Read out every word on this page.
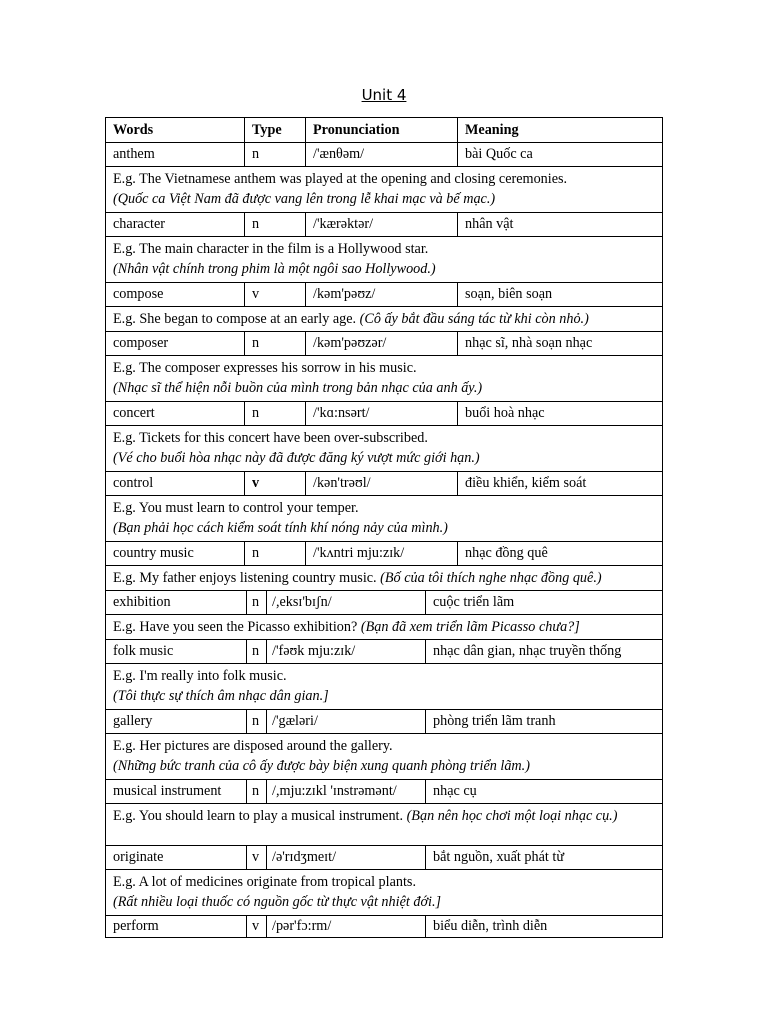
Unit 4
Words	Type	Pronunciation	Meaning
anthem	n	/'ænθəm/	bài Quốc ca
E.g. The Vietnamese anthem was played at the opening and closing ceremonies.
(Quốc ca Việt Nam đã được vang lên trong lễ khai mạc và bế mạc.)
character	n	/'kærəktər/	nhân vật
E.g. The main character in the film is a Hollywood star.
(Nhân vật chính trong phim là một ngôi sao Hollywood.)
compose	v	/kəm'pəʊz/	soạn, biên soạn
E.g. She began to compose at an early age. (Cô ấy bắt đầu sáng tác từ khi còn nhỏ.)
composer	n	/kəm'pəʊzər/	nhạc sĩ, nhà soạn nhạc
E.g. The composer expresses his sorrow in his music.
(Nhạc sĩ thể hiện nỗi buồn của mình trong bản nhạc của anh ấy.)
concert	n	/'kɑ:nsərt/	buổi hoà nhạc
E.g. Tickets for this concert have been over-subscribed.
(Vé cho buổi hòa nhạc này đã được đăng ký vượt mức giới hạn.)
control	v	/kən'trəʊl/	điều khiển, kiểm soát
E.g. You must learn to control your temper.
(Bạn phải học cách kiểm soát tính khí nóng nảy của mình.)
country music	n	/'kʌntri mju:zɪk/	nhạc đồng quê
E.g. My father enjoys listening country music. (Bố của tôi thích nghe nhạc đồng quê.)
exhibition	n /,eksɪ'bɪʃn/	cuộc triển lãm
E.g. Have you seen the Picasso exhibition? (Bạn đã xem triển lãm Picasso chưa?]
folk music	n /'fəʊk mju:zɪk/	nhạc dân gian, nhạc truyền thống
E.g. I'm really into folk music.
(Tôi thực sự thích âm nhạc dân gian.]
gallery	n /'gæləri/	phòng triển lãm tranh
E.g. Her pictures are disposed around the gallery.
(Những bức tranh của cô ấy được bày biện xung quanh phòng triển lãm.)
musical instrument	n /,mju:zɪkl 'ɪnstrəmənt/	nhạc cụ
E.g. You should learn to play a musical instrument. (Bạn nên học chơi một loại nhạc cụ.)
originate	v /ə'rɪdʒmeɪt/	bắt nguồn, xuất phát từ
E.g. A lot of medicines originate from tropical plants.
(Rất nhiều loại thuốc có nguồn gốc từ thực vật nhiệt đới.]
perform	v /pər'fɔ:rm/	biểu diễn, trình diễn
